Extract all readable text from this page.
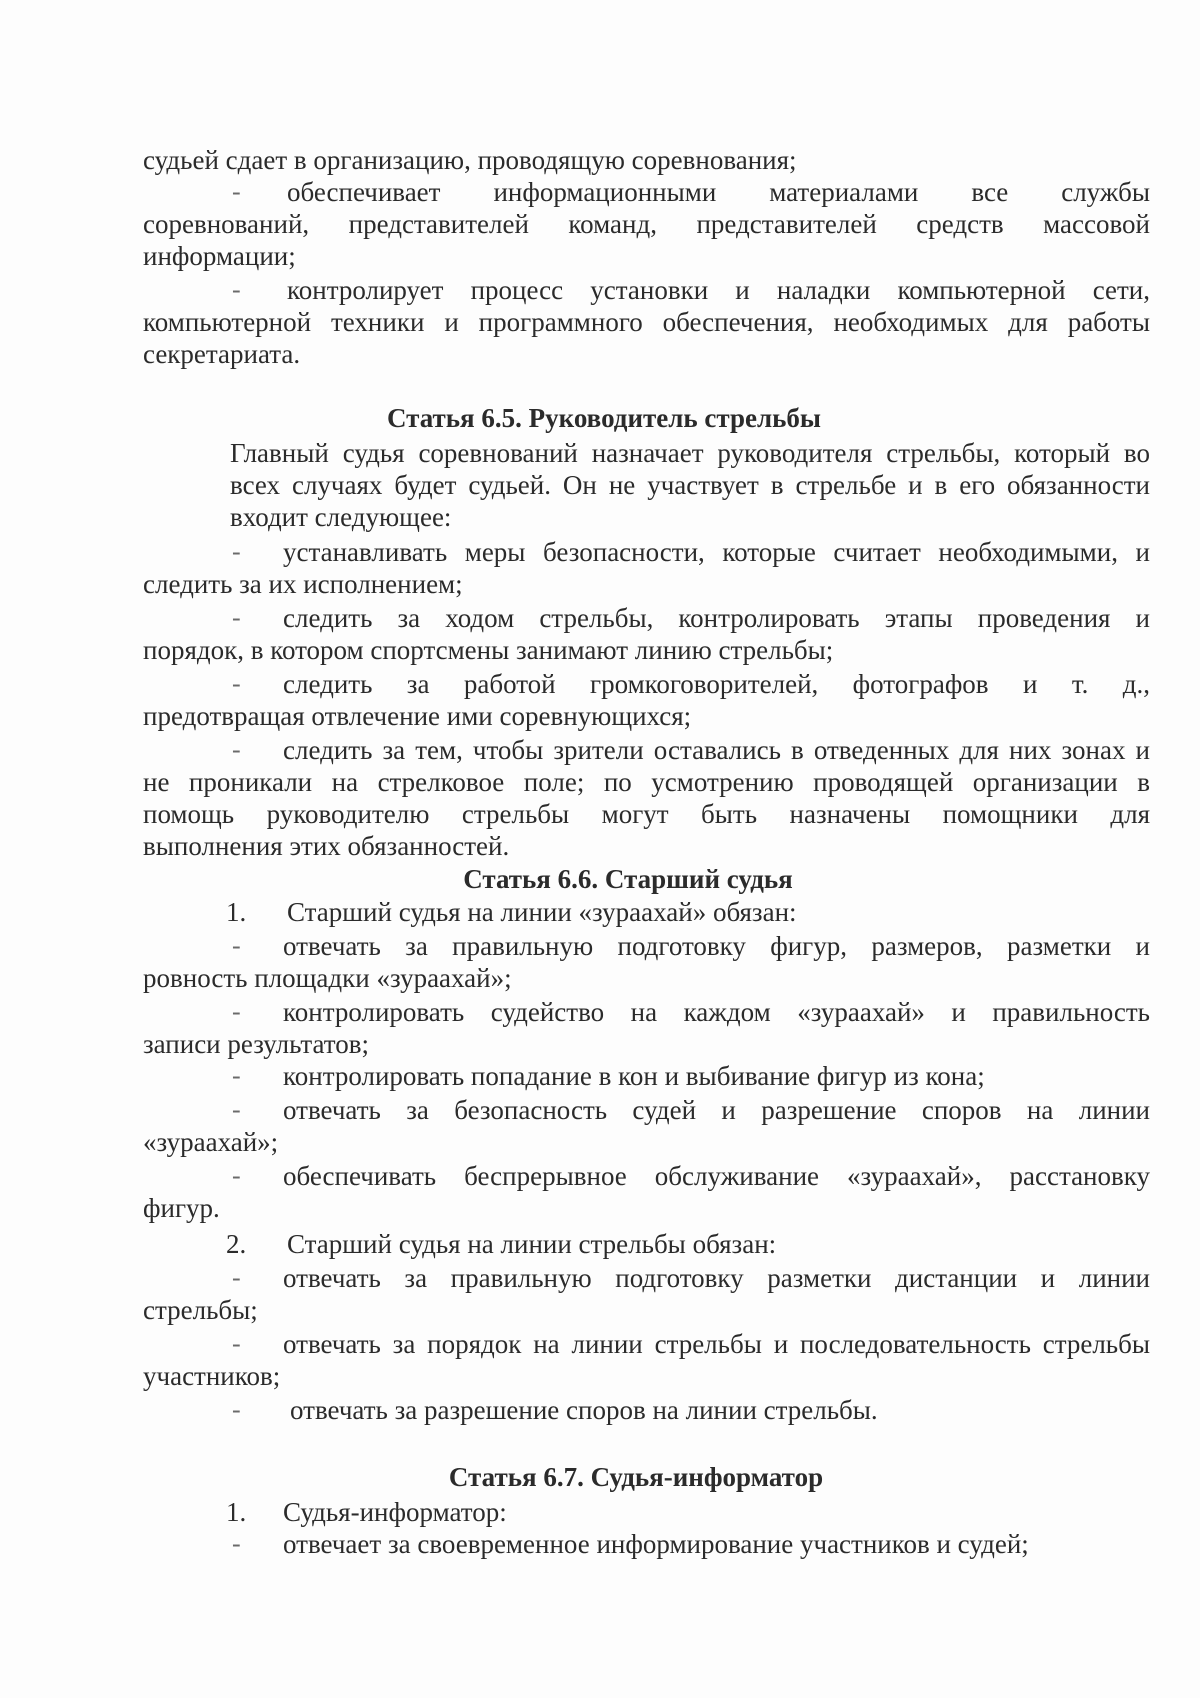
судьей сдает в организацию, проводящую соревнования;
- обеспечивает информационными материалами все службы
соревнований, представителей команд, представителей средств массовой
информации;
- контролирует процесс установки и наладки компьютерной сети,
компьютерной техники и программного обеспечения, необходимых для работы
секретариата.
Статья 6.5. Руководитель стрельбы
Главный судья соревнований назначает руководителя стрельбы, который во
всех случаях будет судьей. Он не участвует в стрельбе и в его обязанности
входит следующее:
- устанавливать меры безопасности, которые считает необходимыми, и
следить за их исполнением;
- следить за ходом стрельбы, контролировать этапы проведения и
порядок, в котором спортсмены занимают линию стрельбы;
- следить за работой громкоговорителей, фотографов и т. д.,
предотвращая отвлечение ими соревнующихся;
- следить за тем, чтобы зрители оставались в отведенных для них зонах и
не проникали на стрелковое поле; по усмотрению проводящей организации в
помощь руководителю стрельбы могут быть назначены помощники для
выполнения этих обязанностей.
Статья 6.6. Старший судья
1. Старший судья на линии «зураахай» обязан:
- отвечать за правильную подготовку фигур, размеров, разметки и
ровность площадки «зураахай»;
- контролировать судейство на каждом «зураахай» и правильность
записи результатов;
- контролировать попадание в кон и выбивание фигур из кона;
- отвечать за безопасность судей и разрешение споров на линии
«зураахай»;
- обеспечивать беспрерывное обслуживание «зураахай», расстановку
фигур.
2. Старший судья на линии стрельбы обязан:
- отвечать за правильную подготовку разметки дистанции и линии
стрельбы;
- отвечать за порядок на линии стрельбы и последовательность стрельбы
участников;
- отвечать за разрешение споров на линии стрельбы.
Статья 6.7. Судья-информатор
1. Судья-информатор:
- отвечает за своевременное информирование участников и судей;
